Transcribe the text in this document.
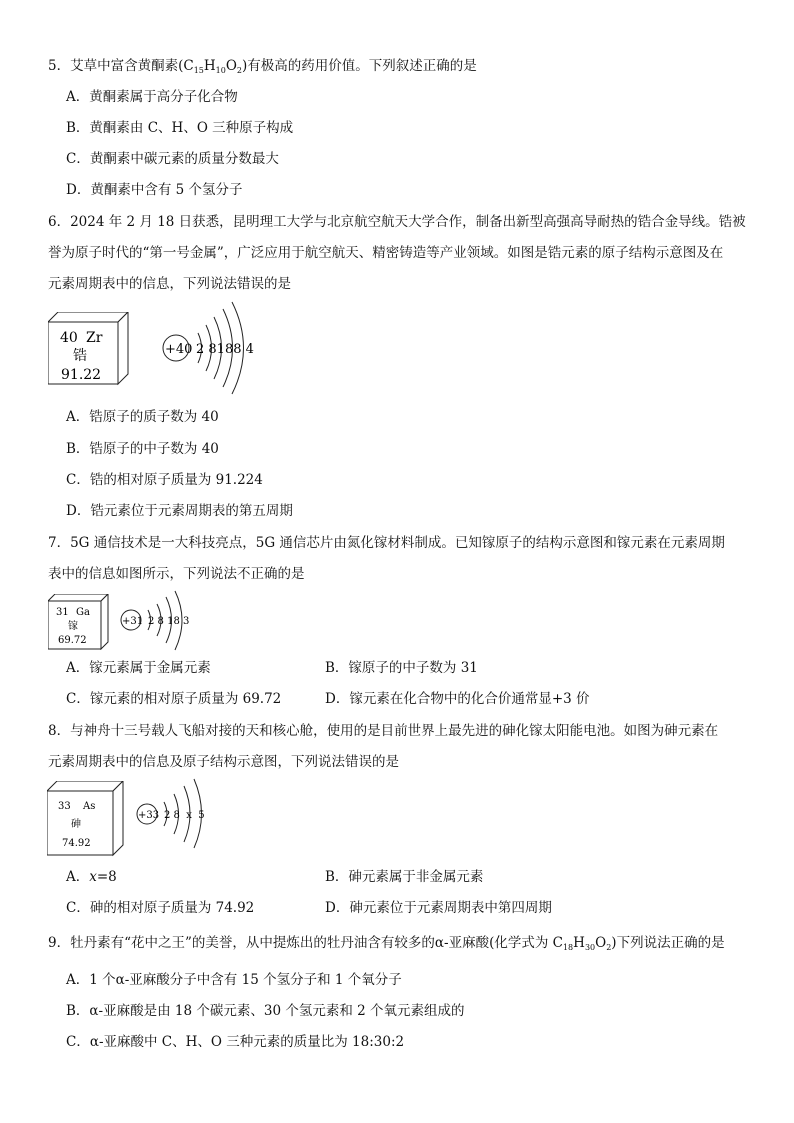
5．艾草中富含黄酮素$(C_{15}H_{10}O_2)$有极高的药用价值。下列叙述正确的是
A．黄酮素属于高分子化合物
B．黄酮素由 C、H、O 三种原子构成
C．黄酮素中碳元素的质量分数最大
D．黄酮素中含有 5 个氢分子
6．2024 年 2 月 18 日获悉，昆明理工大学与北京航空航天大学合作，制备出新型高强高导耐热的锆合金导线。锆被
誉为原子时代的“第一号金属”，广泛应用于航空航天、精密铸造等产业领域。如图是锆元素的原子结构示意图及在
元素周期表中的信息，下列说法错误的是
40 Zr
锆
91.22
+40 2 8188 4
A．锆原子的质子数为 40
B．锆原子的中子数为 40
C．锆的相对原子质量为 91.224
D．锆元素位于元素周期表的第五周期
7．5G 通信技术是一大科技亮点，5G 通信芯片由氮化镓材料制成。已知镓原子的结构示意图和镓元素在元素周期
表中的信息如图所示，下列说法不正确的是
31 Ga
镓
69.72
+31 2 8 18 3
A．镓元素属于金属元素	B．镓原子的中子数为 31
C．镓元素的相对原子质量为 69.72	D．镓元素在化合物中的化合价通常显+3 价
8．与神舟十三号载人飞船对接的天和核心舱，使用的是目前世界上最先进的砷化镓太阳能电池。如图为砷元素在
元素周期表中的信息及原子结构示意图，下列说法错误的是
33 As
砷
74.92
+33 2 8  x  5
A．x=8	B．砷元素属于非金属元素
C．砷的相对原子质量为 74.92	D．砷元素位于元素周期表中第四周期
9．牡丹素有“花中之王”的美誉，从中提炼出的牡丹油含有较多的α-亚麻酸(化学式为 $C_{18}H_{30}O_2$)下列说法正确的是
A．1 个α-亚麻酸分子中含有 15 个氢分子和 1 个氧分子
B．α-亚麻酸是由 18 个碳元素、30 个氢元素和 2 个氧元素组成的
C．α-亚麻酸中 C、H、O 三种元素的质量比为 18:30:2
